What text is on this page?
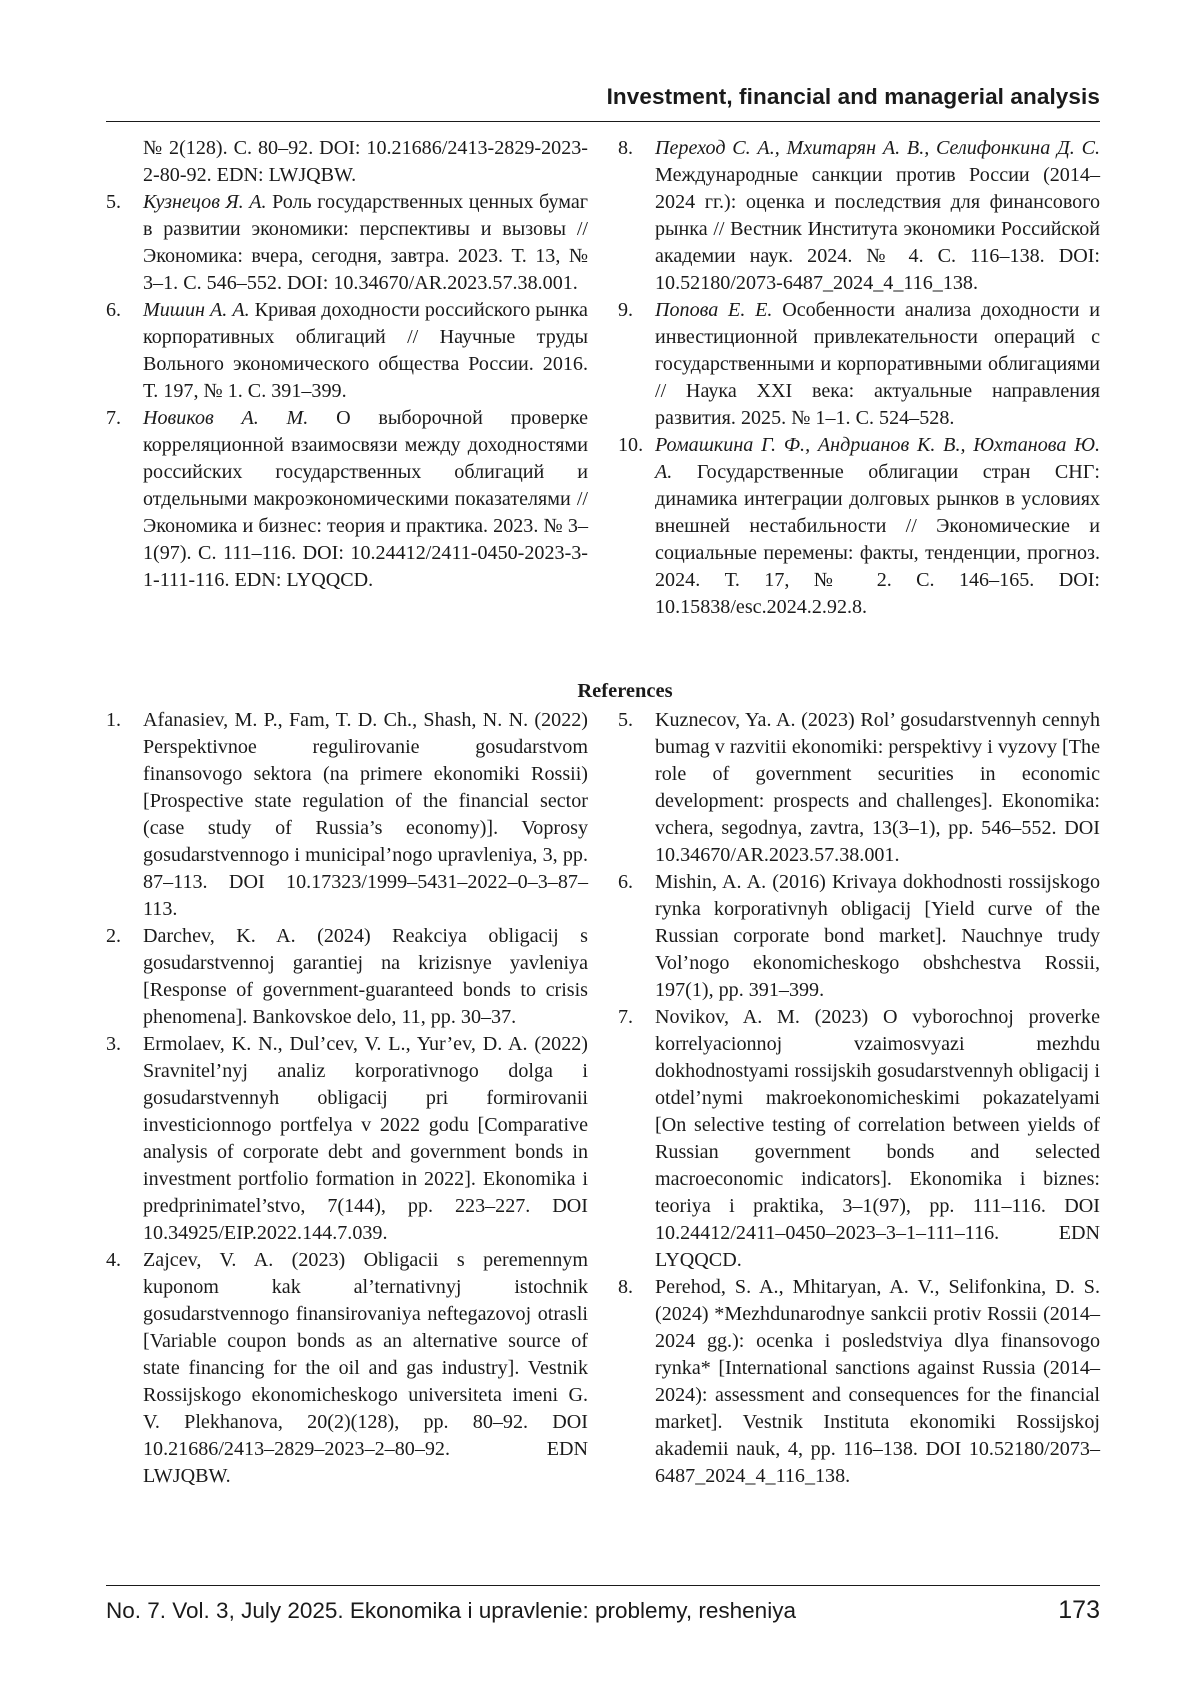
Investment, financial and managerial analysis
№ 2(128). С. 80–92. DOI: 10.21686/2413-2829-2023-2-80-92. EDN: LWJQBW.
5.	Кузнецов Я. А. Роль государственных ценных бумаг в развитии экономики: перспективы и вызовы // Экономика: вчера, сегодня, завтра. 2023. Т. 13, № 3–1. С. 546–552. DOI: 10.34670/AR.2023.57.38.001.
6.	Мишин А. А. Кривая доходности российского рынка корпоративных облигаций // Научные труды Вольного экономического общества России. 2016. Т. 197, № 1. С. 391–399.
7.	Новиков А. М. О выборочной проверке корреляционной взаимосвязи между доходностями российских государственных облигаций и отдельными макроэкономическими показателями // Экономика и бизнес: теория и практика. 2023. № 3–1(97). С. 111–116. DOI: 10.24412/2411-0450-2023-3-1-111-116. EDN: LYQQCD.
8.	Переход С. А., Мхитарян А. В., Селифонкина Д. С. Международные санкции против России (2014–2024 гг.): оценка и последствия для финансового рынка // Вестник Института экономики Российской академии наук. 2024. № 4. С. 116–138. DOI: 10.52180/2073-6487_2024_4_116_138.
9.	Попова Е. Е. Особенности анализа доходности и инвестиционной привлекательности операций с государственными и корпоративными облигациями // Наука XXI века: актуальные направления развития. 2025. № 1–1. С. 524–528.
10. Ромашкина Г. Ф., Андрианов К. В., Юхтанова Ю. А. Государственные облигации стран СНГ: динамика интеграции долговых рынков в условиях внешней нестабильности // Экономические и социальные перемены: факты, тенденции, прогноз. 2024. Т. 17, № 2. С. 146–165. DOI: 10.15838/esc.2024.2.92.8.
References
1.	Afanasiev, M. P., Fam, T. D. Ch., Shash, N. N. (2022) Perspektivnoe regulirovanie gosudarstvom finansovogo sektora (na primere ekonomiki Rossii) [Prospective state regulation of the financial sector (case study of Russia’s economy)]. Voprosy gosudarstvennogo i municipal’nogo upravleniya, 3, pp. 87–113. DOI 10.17323/1999–5431–2022–0–3–87–113.
2.	Darchev, K. A. (2024) Reakciya obligacij s gosudarstvennoj garantiej na krizisnye yavleniya [Response of government-guaranteed bonds to crisis phenomena]. Bankovskoe delo, 11, pp. 30–37.
3.	Ermolaev, K. N., Dul’cev, V. L., Yur’ev, D. A. (2022) Sravnitel’nyj analiz korporativnogo dolga i gosudarstvennyh obligacij pri formirovanii investicionnogo portfelya v 2022 godu [Comparative analysis of corporate debt and government bonds in investment portfolio formation in 2022]. Ekonomika i predprinimatel’stvo, 7(144), pp. 223–227. DOI 10.34925/EIP.2022.144.7.039.
4.	Zajcev, V. A. (2023) Obligacii s peremennym kuponom kak al’ternativnyj istochnik gosudarstvennogo finansirovaniya neftegazovoj otrasli [Variable coupon bonds as an alternative source of state financing for the oil and gas industry]. Vestnik Rossijskogo ekonomicheskogo universiteta imeni G. V. Plekhanova, 20(2)(128), pp. 80–92. DOI 10.21686/2413–2829–2023–2–80–92. EDN LWJQBW.
5.	Kuznecov, Ya. A. (2023) Rol’ gosudarstvennyh cennyh bumag v razvitii ekonomiki: perspektivy i vyzovy [The role of government securities in economic development: prospects and challenges]. Ekonomika: vchera, segodnya, zavtra, 13(3–1), pp. 546–552. DOI 10.34670/AR.2023.57.38.001.
6.	Mishin, A. A. (2016) Krivaya dokhodnosti rossijskogo rynka korporativnyh obligacij [Yield curve of the Russian corporate bond market]. Nauchnye trudy Vol’nogo ekonomicheskogo obshchestva Rossii, 197(1), pp. 391–399.
7.	Novikov, A. M. (2023) O vyborochnoj proverke korrelyacionnoj vzaimosvyazi mezhdu dokhodnostyami rossijskih gosudarstvennyh obligacij i otdel’nymi makroekonomicheskimi pokazatelyami [On selective testing of correlation between yields of Russian government bonds and selected macroeconomic indicators]. Ekonomika i biznes: teoriya i praktika, 3–1(97), pp. 111–116. DOI 10.24412/2411–0450–2023–3–1–111–116. EDN LYQQCD.
8.	Perehod, S. A., Mhitaryan, A. V., Selifonkina, D. S. (2024) *Mezhdunarodnye sankcii protiv Rossii (2014–2024 gg.): ocenka i posledstviya dlya finansovogo rynka* [International sanctions against Russia (2014–2024): assessment and consequences for the financial market]. Vestnik Instituta ekonomiki Rossijskoj akademii nauk, 4, pp. 116–138. DOI 10.52180/2073–6487_2024_4_116_138.
No. 7. Vol. 3, July 2025. Ekonomika i upravlenie: problemy, resheniya	173
